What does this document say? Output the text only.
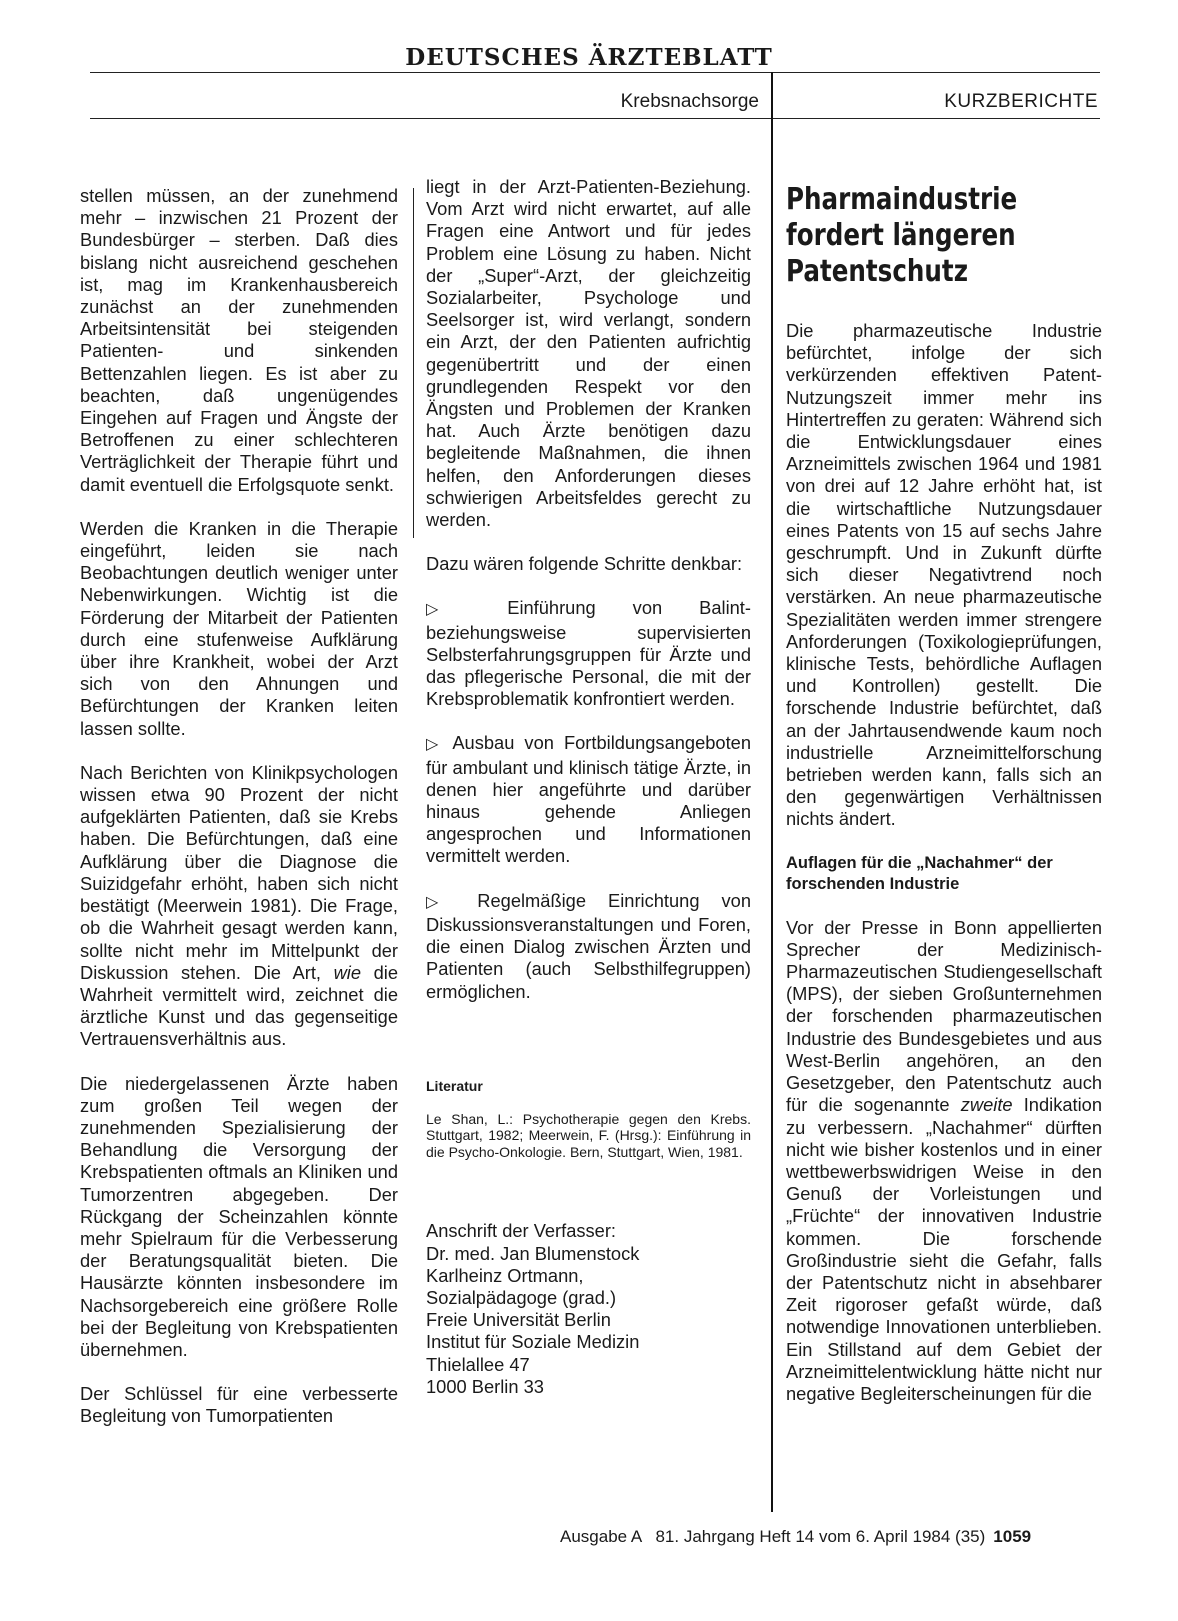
DEUTSCHES ÄRZTEBLATT
Krebsnachsorge	KURZBERICHTE

stellen müssen, an der zunehmend mehr – inzwischen 21 Prozent der Bundesbürger – sterben. Daß dies bislang nicht ausreichend geschehen ist, mag im Krankenhausbereich zunächst an der zunehmenden Arbeitsintensität bei steigenden Patienten- und sinkenden Bettenzahlen liegen. Es ist aber zu beachten, daß ungenügendes Eingehen auf Fragen und Ängste der Betroffenen zu einer schlechteren Verträglichkeit der Therapie führt und damit eventuell die Erfolgsquote senkt.

Werden die Kranken in die Therapie eingeführt, leiden sie nach Beobachtungen deutlich weniger unter Nebenwirkungen. Wichtig ist die Förderung der Mitarbeit der Patienten durch eine stufenweise Aufklärung über ihre Krankheit, wobei der Arzt sich von den Ahnungen und Befürchtungen der Kranken leiten lassen sollte.

Nach Berichten von Klinikpsychologen wissen etwa 90 Prozent der nicht aufgeklärten Patienten, daß sie Krebs haben. Die Befürchtungen, daß eine Aufklärung über die Diagnose die Suizidgefahr erhöht, haben sich nicht bestätigt (Meerwein 1981). Die Frage, ob die Wahrheit gesagt werden kann, sollte nicht mehr im Mittelpunkt der Diskussion stehen. Die Art, wie die Wahrheit vermittelt wird, zeichnet die ärztliche Kunst und das gegenseitige Vertrauensverhältnis aus.

Die niedergelassenen Ärzte haben zum großen Teil wegen der zunehmenden Spezialisierung der Behandlung die Versorgung der Krebspatienten oftmals an Kliniken und Tumorzentren abgegeben. Der Rückgang der Scheinzahlen könnte mehr Spielraum für die Verbesserung der Beratungsqualität bieten. Die Hausärzte könnten insbesondere im Nachsorgebereich eine größere Rolle bei der Begleitung von Krebspatienten übernehmen.

Der Schlüssel für eine verbesserte Begleitung von Tumorpatienten

liegt in der Arzt-Patienten-Beziehung. Vom Arzt wird nicht erwartet, auf alle Fragen eine Antwort und für jedes Problem eine Lösung zu haben. Nicht der „Super“-Arzt, der gleichzeitig Sozialarbeiter, Psychologe und Seelsorger ist, wird verlangt, sondern ein Arzt, der den Patienten aufrichtig gegenübertritt und der einen grundlegenden Respekt vor den Ängsten und Problemen der Kranken hat. Auch Ärzte benötigen dazu begleitende Maßnahmen, die ihnen helfen, den Anforderungen dieses schwierigen Arbeitsfeldes gerecht zu werden.

Dazu wären folgende Schritte denkbar:

▷ Einführung von Balint- beziehungsweise supervisierten Selbsterfahrungsgruppen für Ärzte und das pflegerische Personal, die mit der Krebsproblematik konfrontiert werden.

▷ Ausbau von Fortbildungsangeboten für ambulant und klinisch tätige Ärzte, in denen hier angeführte und darüber hinaus gehende Anliegen angesprochen und Informationen vermittelt werden.

▷ Regelmäßige Einrichtung von Diskussionsveranstaltungen und Foren, die einen Dialog zwischen Ärzten und Patienten (auch Selbsthilfegruppen) ermöglichen.

Literatur
Le Shan, L.: Psychotherapie gegen den Krebs. Stuttgart, 1982; Meerwein, F. (Hrsg.): Einführung in die Psycho-Onkologie. Bern, Stuttgart, Wien, 1981.
Anschrift der Verfasser:
Dr. med. Jan Blumenstock
Karlheinz Ortmann,
Sozialpädagoge (grad.)
Freie Universität Berlin
Institut für Soziale Medizin
Thielallee 47
1000 Berlin 33
Pharmaindustrie
fordert längeren
Patentschutz

Die pharmazeutische Industrie befürchtet, infolge der sich verkürzenden effektiven Patent-Nutzungszeit immer mehr ins Hintertreffen zu geraten: Während sich die Entwicklungsdauer eines Arzneimittels zwischen 1964 und 1981 von drei auf 12 Jahre erhöht hat, ist die wirtschaftliche Nutzungsdauer eines Patents von 15 auf sechs Jahre geschrumpft. Und in Zukunft dürfte sich dieser Negativtrend noch verstärken. An neue pharmazeutische Spezialitäten werden immer strengere Anforderungen (Toxikologieprüfungen, klinische Tests, behördliche Auflagen und Kontrollen) gestellt. Die forschende Industrie befürchtet, daß an der Jahrtausendwende kaum noch industrielle Arzneimittelforschung betrieben werden kann, falls sich an den gegenwärtigen Verhältnissen nichts ändert.

Auflagen für die „Nachahmer“ der forschenden Industrie

Vor der Presse in Bonn appellierten Sprecher der Medizinisch-Pharmazeutischen Studiengesellschaft (MPS), der sieben Großunternehmen der forschenden pharmazeutischen Industrie des Bundesgebietes und aus West-Berlin angehören, an den Gesetzgeber, den Patentschutz auch für die sogenannte zweite Indikation zu verbessern. „Nachahmer“ dürften nicht wie bisher kostenlos und in einer wettbewerbswidrigen Weise in den Genuß der Vorleistungen und „Früchte“ der innovativen Industrie kommen. Die forschende Großindustrie sieht die Gefahr, falls der Patentschutz nicht in absehbarer Zeit rigoroser gefaßt würde, daß notwendige Innovationen unterblieben. Ein Stillstand auf dem Gebiet der Arzneimittelentwicklung hätte nicht nur negative Begleiterscheinungen für die

Ausgabe A   81. Jahrgang Heft 14 vom 6. April 1984 (35) 1059
